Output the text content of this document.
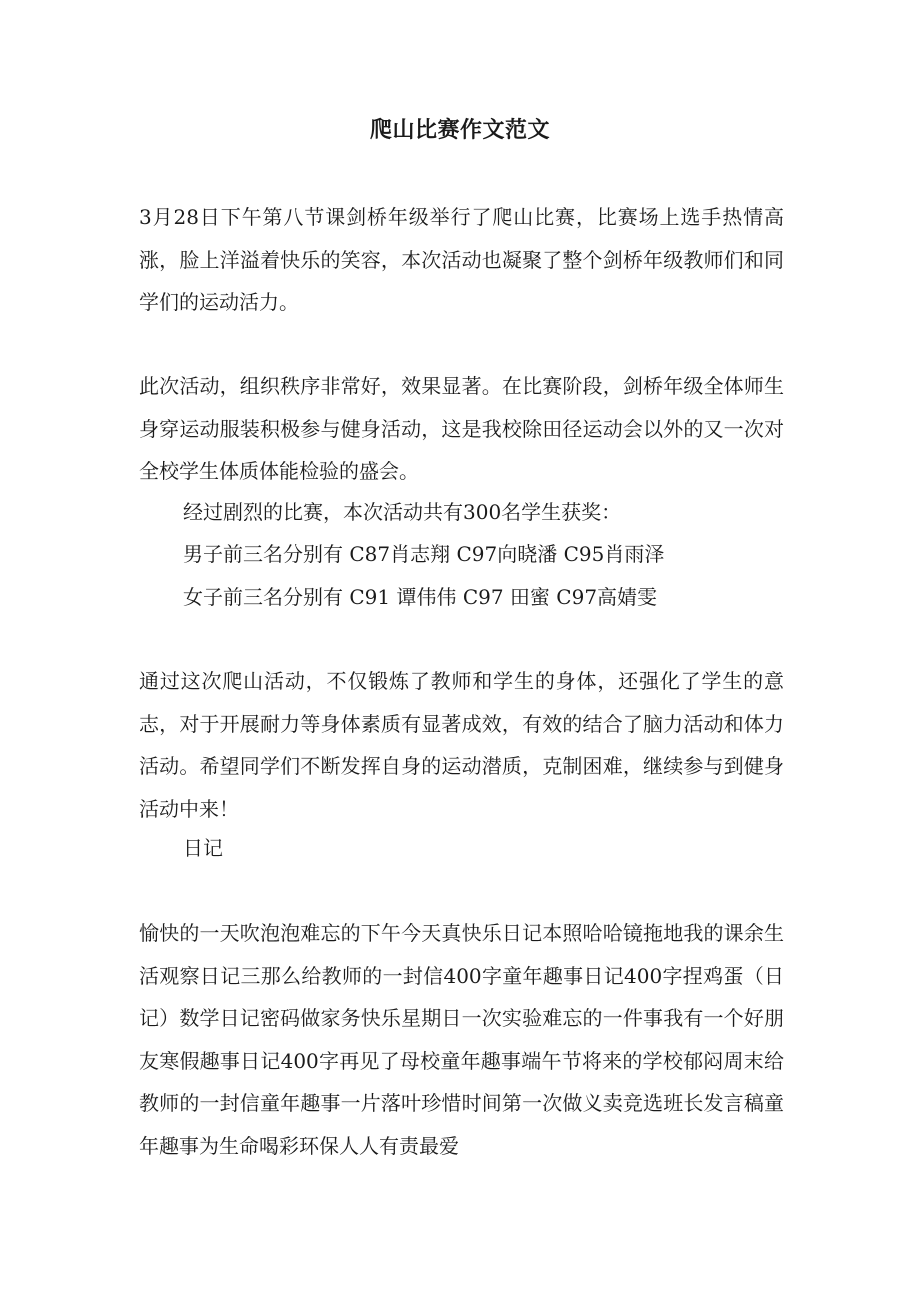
爬山比赛作文范文
3月28日下午第八节课剑桥年级举行了爬山比赛，比赛场上选手热情高涨，脸上洋溢着快乐的笑容，本次活动也凝聚了整个剑桥年级教师们和同学们的运动活力。
此次活动，组织秩序非常好，效果显著。在比赛阶段，剑桥年级全体师生身穿运动服装积极参与健身活动，这是我校除田径运动会以外的又一次对全校学生体质体能检验的盛会。
经过剧烈的比赛，本次活动共有300名学生获奖：
男子前三名分别有 C87肖志翔 C97向晓潘 C95肖雨泽
女子前三名分别有 C91 谭伟伟 C97 田蜜 C97高婧雯
通过这次爬山活动，不仅锻炼了教师和学生的身体，还强化了学生的意志，对于开展耐力等身体素质有显著成效，有效的结合了脑力活动和体力活动。希望同学们不断发挥自身的运动潜质，克制困难，继续参与到健身活动中来！
日记
愉快的一天吹泡泡难忘的下午今天真快乐日记本照哈哈镜拖地我的课余生活观察日记三那么给教师的一封信400字童年趣事日记400字捏鸡蛋（日记）数学日记密码做家务快乐星期日一次实验难忘的一件事我有一个好朋友寒假趣事日记400字再见了母校童年趣事端午节将来的学校郁闷周末给教师的一封信童年趣事一片落叶珍惜时间第一次做义卖竞选班长发言稿童年趣事为生命喝彩环保人人有责最爱
